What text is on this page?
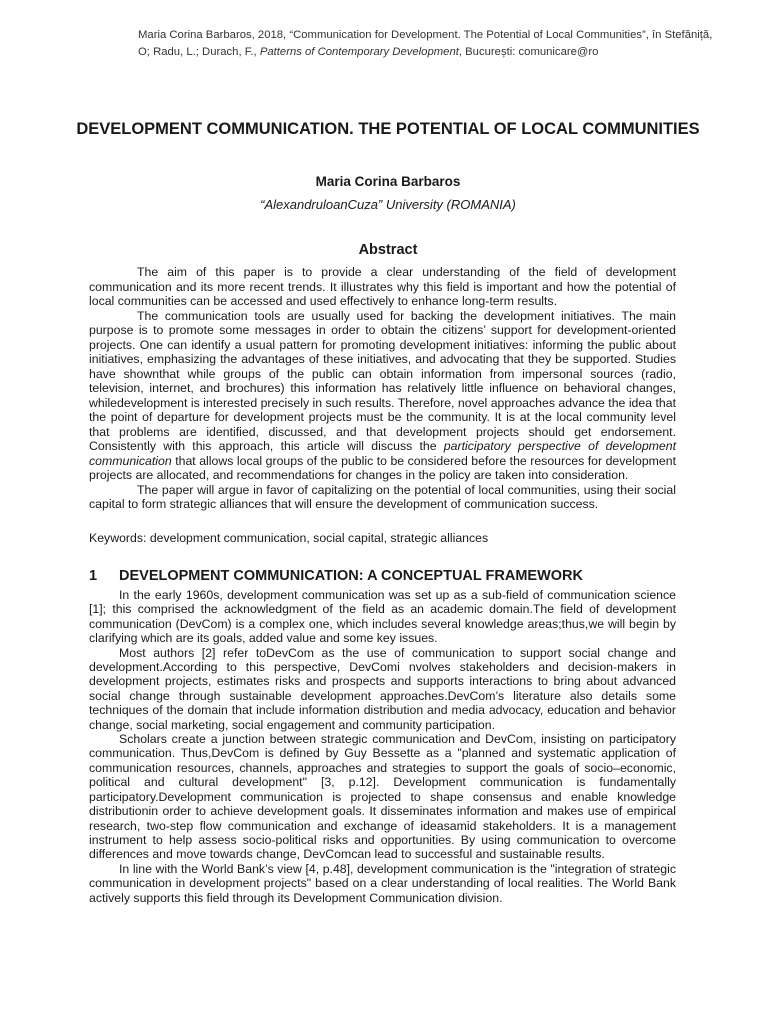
Maria Corina Barbaros, 2018, “Communication for Development. The Potential of Local Communities”, în Stefăniță,
O; Radu, L.; Durach, F., Patterns of Contemporary Development, București: comunicare@ro
DEVELOPMENT COMMUNICATION. THE POTENTIAL OF LOCAL COMMUNITIES
Maria Corina Barbaros
“AlexandruloanCuza” University (ROMANIA)
Abstract

The aim of this paper is to provide a clear understanding of the field of development communication and its more recent trends. It illustrates why this field is important and how the potential of local communities can be accessed and used effectively to enhance long-term results.

The communication tools are usually used for backing the development initiatives. The main purpose is to promote some messages in order to obtain the citizens’ support for development-oriented projects. One can identify a usual pattern for promoting development initiatives: informing the public about initiatives, emphasizing the advantages of these initiatives, and advocating that they be supported. Studies have shownthat while groups of the public can obtain information from impersonal sources (radio, television, internet, and brochures) this information has relatively little influence on behavioral changes, whiledevelopment is interested precisely in such results. Therefore, novel approaches advance the idea that the point of departure for development projects must be the community. It is at the local community level that problems are identified, discussed, and that development projects should get endorsement. Consistently with this approach, this article will discuss the participatory perspective of development communication that allows local groups of the public to be considered before the resources for development projects are allocated, and recommendations for changes in the policy are taken into consideration.

The paper will argue in favor of capitalizing on the potential of local communities, using their social capital to form strategic alliances that will ensure the development of communication success.

Keywords: development communication, social capital, strategic alliances
1 DEVELOPMENT COMMUNICATION: A CONCEPTUAL FRAMEWORK

In the early 1960s, development communication was set up as a sub-field of communication science [1]; this comprised the acknowledgment of the field as an academic domain.The field of development communication (DevCom) is a complex one, which includes several knowledge areas;thus,we will begin by clarifying which are its goals, added value and some key issues.

Most authors [2] refer toDevCom as the use of communication to support social change and development.According to this perspective, DevComi nvolves stakeholders and decision-makers in development projects, estimates risks and prospects and supports interactions to bring about advanced social change through sustainable development approaches.DevCom’s literature also details some techniques of the domain that include information distribution and media advocacy, education and behavior change, social marketing, social engagement and community participation.

Scholars create a junction between strategic communication and DevCom, insisting on participatory communication. Thus,DevCom is defined by Guy Bessette as a "planned and systematic application of communication resources, channels, approaches and strategies to support the goals of socio–economic, political and cultural development" [3, p.12]. Development communication is fundamentally participatory.Development communication is projected to shape consensus and enable knowledge distributionin order to achieve development goals. It disseminates information and makes use of empirical research, two-step flow communication and exchange of ideasamid stakeholders. It is a management instrument to help assess socio-political risks and opportunities. By using communication to overcome differences and move towards change, DevComcan lead to successful and sustainable results.

In line with the World Bank’s view [4, p.48], development communication is the "integration of strategic communication in development projects" based on a clear understanding of local realities. The World Bank actively supports this field through its Development Communication division.
